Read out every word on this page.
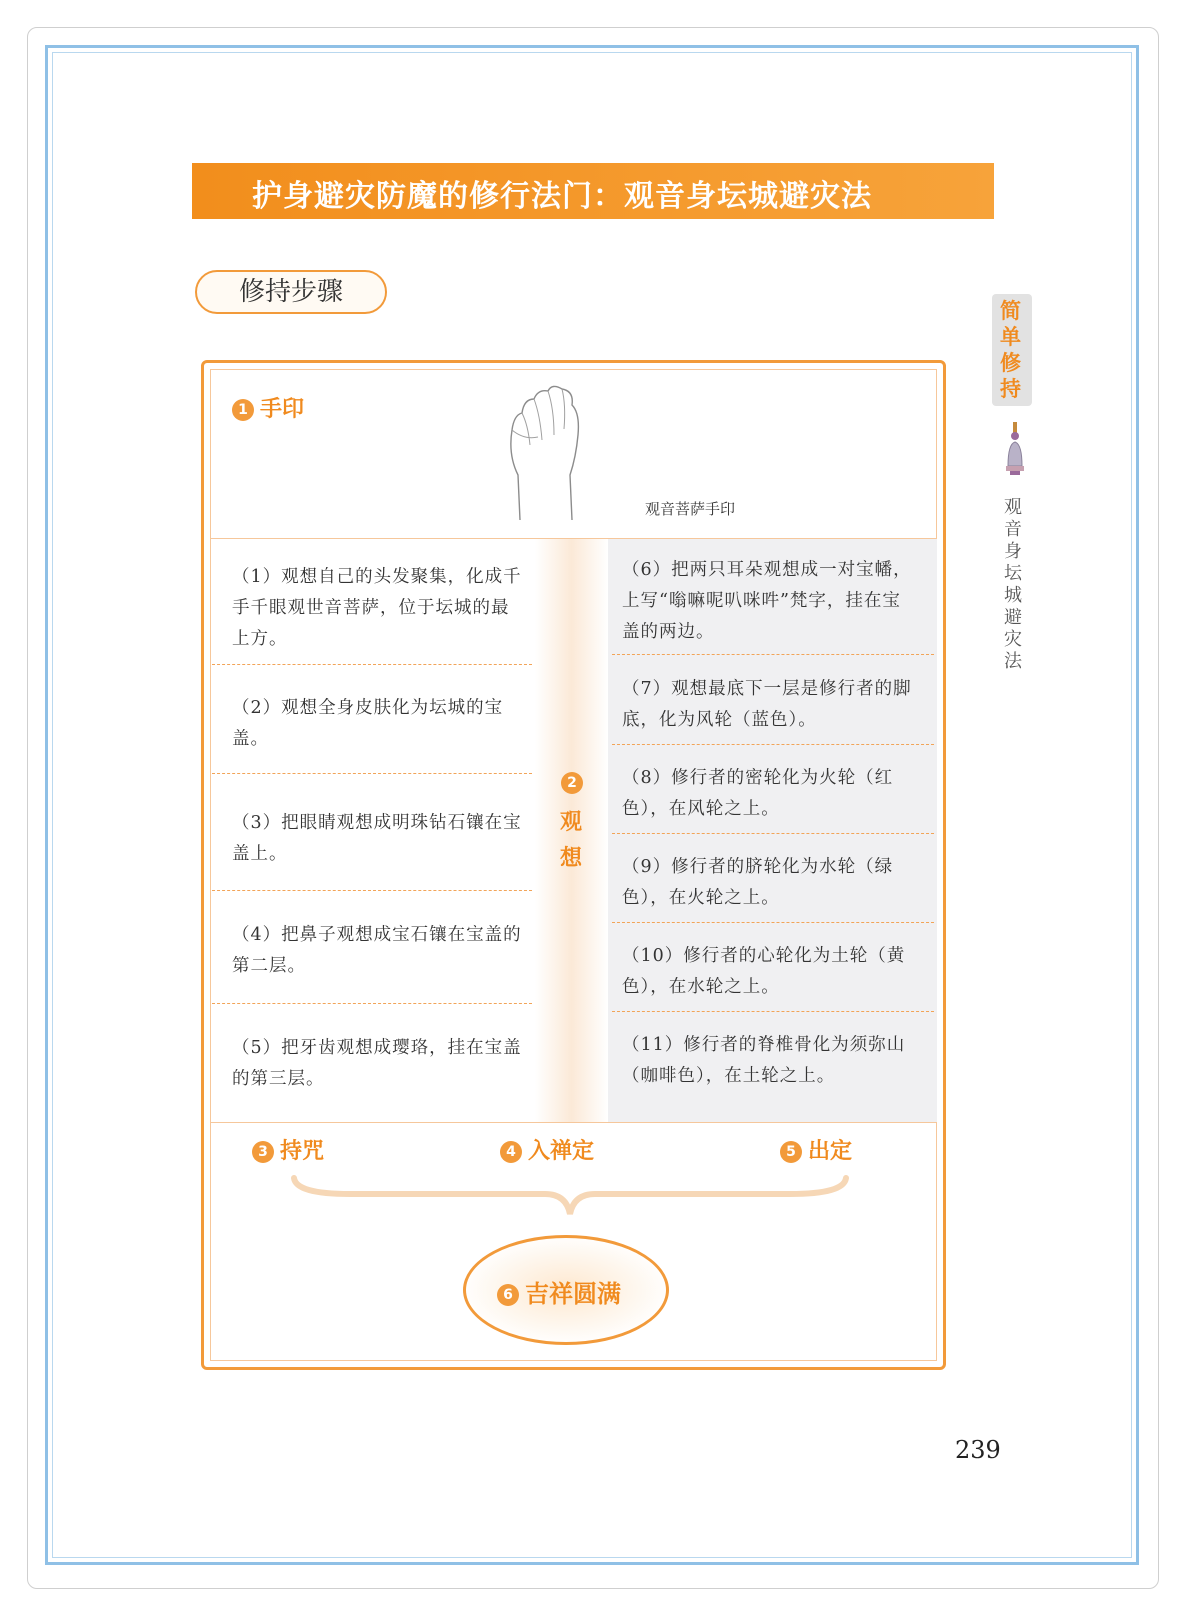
护身避灾防魔的修行法门：观音身坛城避灾法
修持步骤
简单修持
观音身坛城避灾法
1 手印
观音菩萨手印
（1）观想自己的头发聚集，化成千手千眼观世音菩萨，位于坛城的最上方。
（2）观想全身皮肤化为坛城的宝盖。
（3）把眼睛观想成明珠钻石镶在宝盖上。
（4）把鼻子观想成宝石镶在宝盖的第二层。
（5）把牙齿观想成璎珞，挂在宝盖的第三层。
2
观想
（6）把两只耳朵观想成一对宝幡，上写“嗡嘛呢叭咪吽”梵字，挂在宝盖的两边。
（7）观想最底下一层是修行者的脚底，化为风轮（蓝色）。
（8）修行者的密轮化为火轮（红色），在风轮之上。
（9）修行者的脐轮化为水轮（绿色），在火轮之上。
（10）修行者的心轮化为土轮（黄色），在水轮之上。
（11）修行者的脊椎骨化为须弥山（咖啡色），在土轮之上。
3 持咒	4 入禅定	5 出定
6 吉祥圆满
239
